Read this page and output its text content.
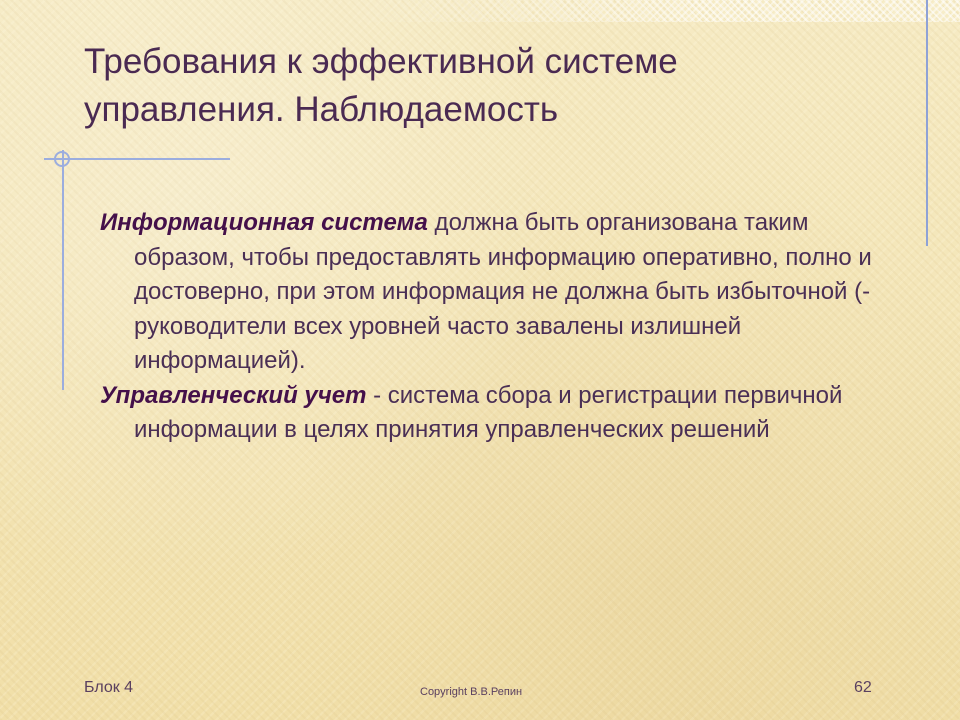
Требования к эффективной системе
управления. Наблюдаемость

Информационная система должна быть организована таким образом, чтобы предоставлять информацию оперативно, полно и достоверно, при этом информация не должна быть избыточной (- руководители всех уровней часто завалены излишней информацией).

Управленческий учет - система сбора и регистрации первичной информации в целях принятия управленческих решений

Блок 4	Copyright В.В.Репин	62
